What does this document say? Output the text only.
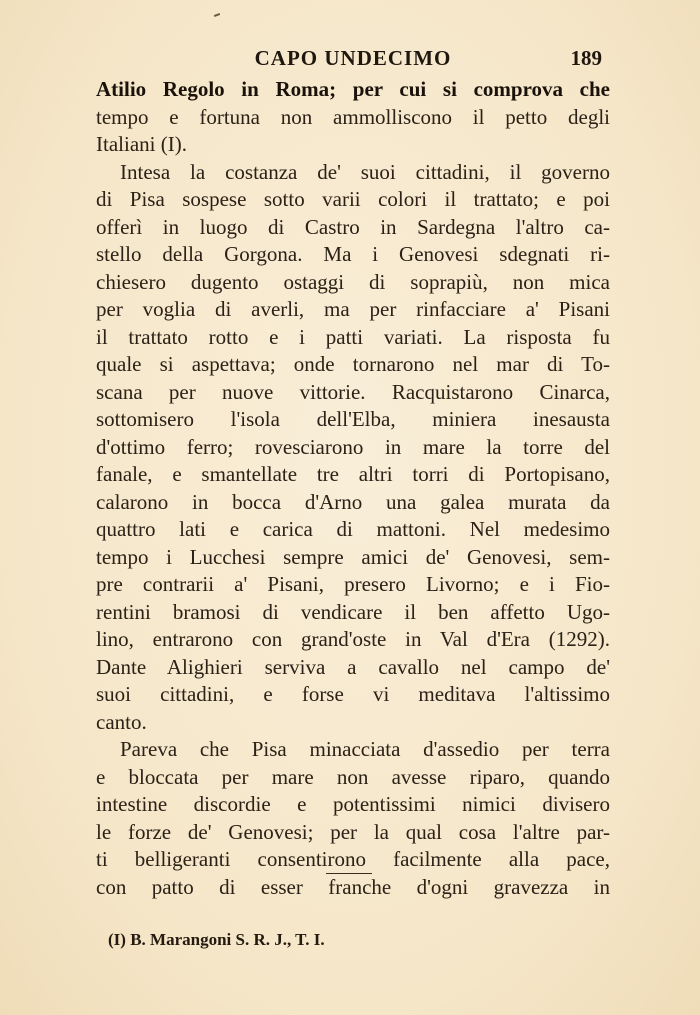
CAPO UNDECIMO	189
Atilio Regolo in Roma; per cui si comprova che
tempo e fortuna non ammolliscono il petto degli
Italiani (I).
Intesa la costanza de' suoi cittadini, il governo
di Pisa sospese sotto varii colori il trattato; e poi
offerì in luogo di Castro in Sardegna l'altro ca-
stello della Gorgona. Ma i Genovesi sdegnati ri-
chiesero dugento ostaggi di soprapiù, non mica
per voglia di averli, ma per rinfacciare a' Pisani
il trattato rotto e i patti variati. La risposta fu
quale si aspettava; onde tornarono nel mar di To-
scana per nuove vittorie. Racquistarono Cinarca,
sottomisero l'isola dell'Elba, miniera inesausta
d'ottimo ferro; rovesciarono in mare la torre del
fanale, e smantellate tre altri torri di Portopisano,
calarono in bocca d'Arno una galea murata da
quattro lati e carica di mattoni. Nel medesimo
tempo i Lucchesi sempre amici de' Genovesi, sem-
pre contrarii a' Pisani, presero Livorno; e i Fio-
rentini bramosi di vendicare il ben affetto Ugo-
lino, entrarono con grand'oste in Val d'Era (1292).
Dante Alighieri serviva a cavallo nel campo de'
suoi cittadini, e forse vi meditava l'altissimo
canto.
Pareva che Pisa minacciata d'assedio per terra
e bloccata per mare non avesse riparo, quando
intestine discordie e potentissimi nimici divisero
le forze de' Genovesi; per la qual cosa l'altre par-
ti belligeranti consentirono facilmente alla pace,
con patto di esser franche d'ogni gravezza in
(I) B. Marangoni S. R. J., T. I.
